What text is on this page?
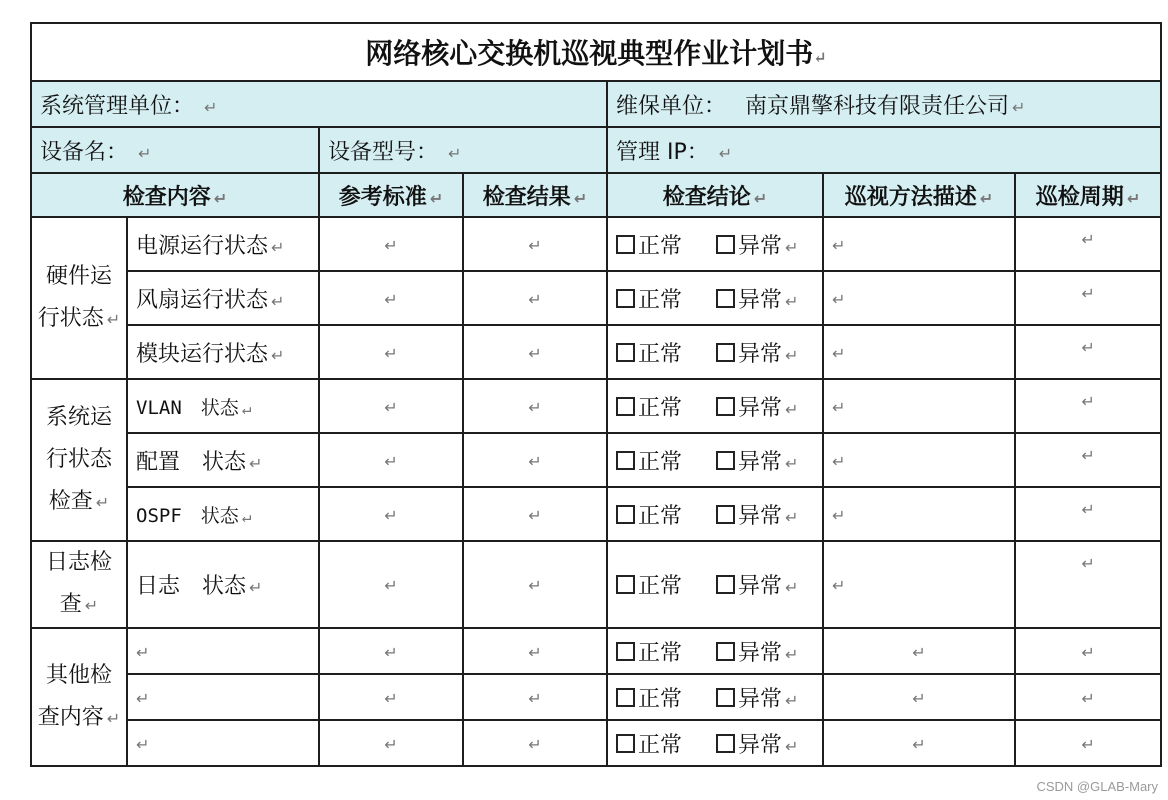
网络核心交换机巡视典型作业计划书↵						
系统管理单位： ↵				维保单位： 南京鼎擎科技有限责任公司 ↵		
设备名： ↵		设备型号： ↵		管理 IP： ↵		
检查内容 ↵		参考标准 ↵	检查结果 ↵	检查结论 ↵	巡视方法描述 ↵	巡检周期 ↵
硬件运行状态 ↵	电源运行状态 ↵	↵	↵	正常 异常 ↵	↵	↵
	风扇运行状态 ↵	↵	↵	正常 异常 ↵	↵	↵
	模块运行状态 ↵	↵	↵	正常 异常 ↵	↵	↵
系统运行状态检查 ↵	VLAN　状态 ↵	↵	↵	正常 异常 ↵	↵	↵
	配置　状态 ↵	↵	↵	正常 异常 ↵	↵	↵
	OSPF　状态 ↵	↵	↵	正常 异常 ↵	↵	↵
日志检查 ↵	日志　状态 ↵	↵	↵	正常 异常 ↵	↵	↵
其他检查内容 ↵	↵	↵	↵	正常 异常 ↵	↵	↵
	↵	↵	↵	正常 异常 ↵	↵	↵
	↵	↵	↵	正常 异常 ↵	↵	↵
CSDN @GLAB-Mary
